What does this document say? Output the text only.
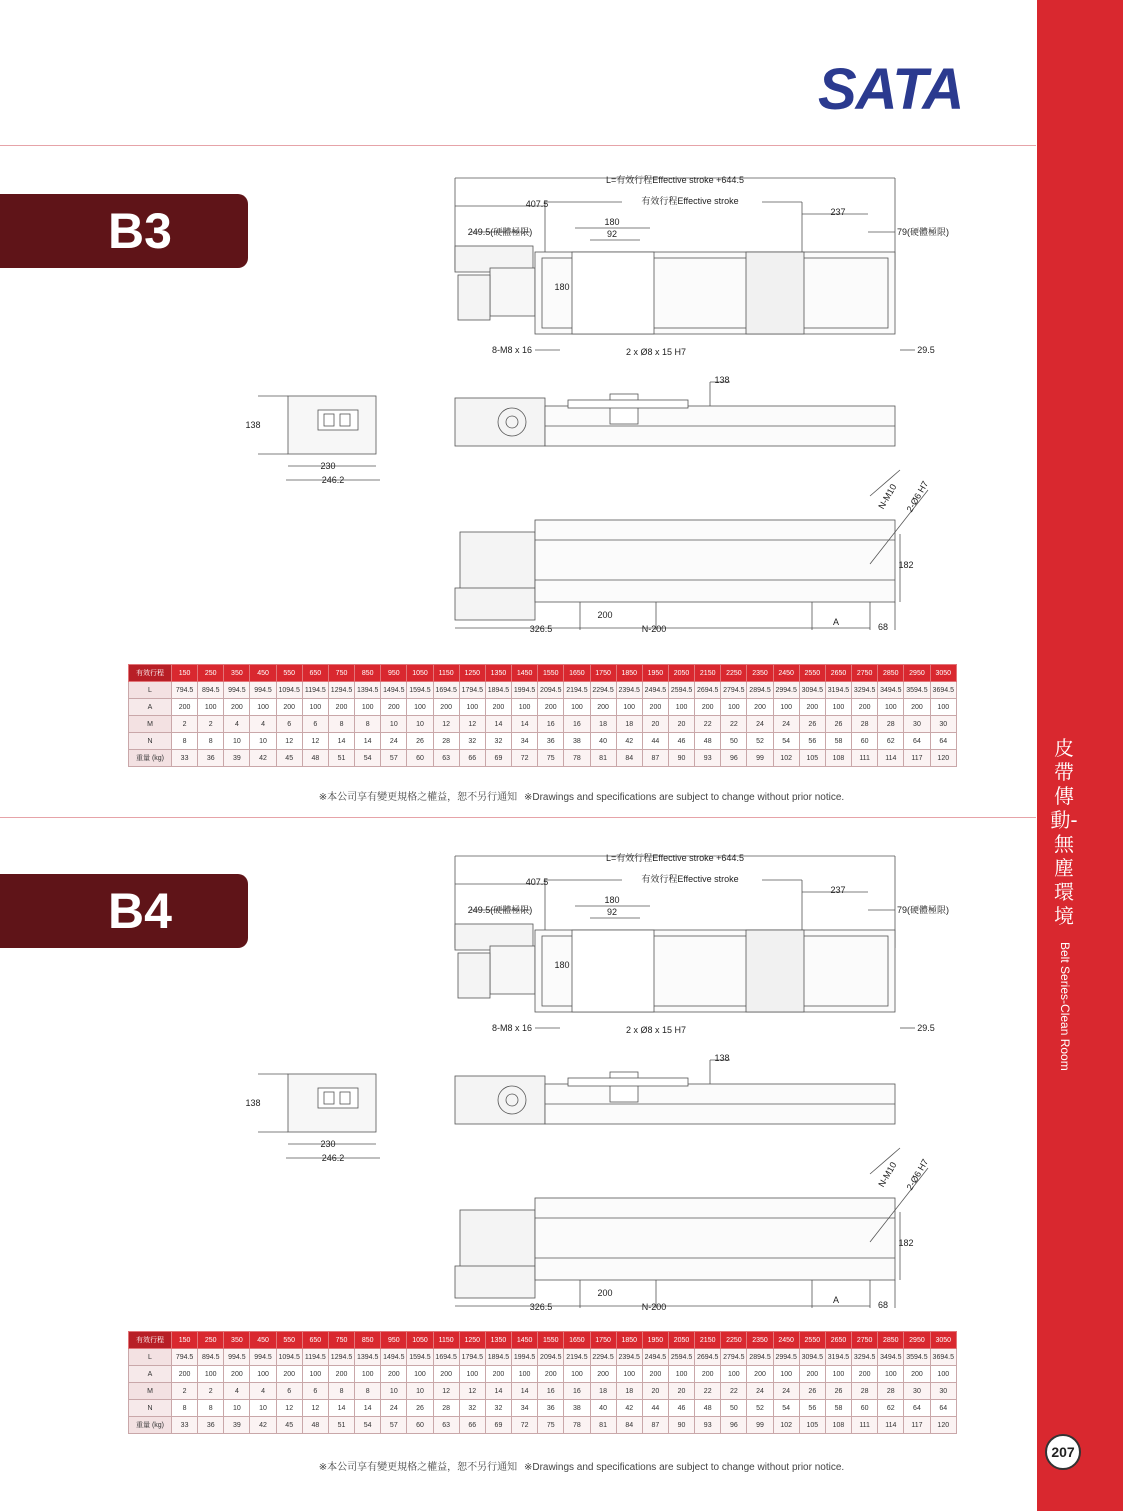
皮帶傳動-無塵環境
Belt Series-Clean Room
207
SATA
B3
B4
L=有效行程Effective stroke +644.5
407.5	有效行程Effective stroke
237
180
92
249.5(硬體極限)	79(硬體極限)
180
8-M8 x 16	2 x Ø8 x 15 H7	29.5
138
138
230
246.2
N-M10 2-Ø6 H7
182
200
326.5	N-200
A	68
L=有效行程Effective stroke +644.5
407.5	有效行程Effective stroke
237
180
92
249.5(硬體極限)	79(硬體極限)
180
8-M8 x 16	2 x Ø8 x 15 H7	29.5
138
138
230
246.2
N-M10 2-Ø6 H7
182
200
326.5	N-200
A	68
有效行程	150	250	350	450	550	650	750	850	950	1050	1150	1250	1350	1450	1550	1650	1750	1850	1950	2050	2150	2250	2350	2450	2550	2650	2750	2850	2950	3050
L	794.5	894.5	994.5	994.5	1094.5	1194.5	1294.5	1394.5	1494.5	1594.5	1694.5	1794.5	1894.5	1994.5	2094.5	2194.5	2294.5	2394.5	2494.5	2594.5	2694.5	2794.5	2894.5	2994.5	3094.5	3194.5	3294.5	3494.5	3594.5	3694.5
A	200	100	200	100	200	100	200	100	200	100	200	100	200	100	200	100	200	100	200	100	200	100	200	100	200	100	200	100	200	100
M	2	2	4	4	6	6	8	8	10	10	12	12	14	14	16	16	18	18	20	20	22	22	24	24	26	26	28	28	30	30
N	8	8	10	10	12	12	14	14	24	26	28	32	32	34	36	38	40	42	44	46	48	50	52	54	56	58	60	62	64	64
重量 (kg)	33	36	39	42	45	48	51	54	57	60	63	66	69	72	75	78	81	84	87	90	93	96	99	102	105	108	111	114	117	120
有效行程	150	250	350	450	550	650	750	850	950	1050	1150	1250	1350	1450	1550	1650	1750	1850	1950	2050	2150	2250	2350	2450	2550	2650	2750	2850	2950	3050
L	794.5	894.5	994.5	994.5	1094.5	1194.5	1294.5	1394.5	1494.5	1594.5	1694.5	1794.5	1894.5	1994.5	2094.5	2194.5	2294.5	2394.5	2494.5	2594.5	2694.5	2794.5	2894.5	2994.5	3094.5	3194.5	3294.5	3494.5	3594.5	3694.5
A	200	100	200	100	200	100	200	100	200	100	200	100	200	100	200	100	200	100	200	100	200	100	200	100	200	100	200	100	200	100
M	2	2	4	4	6	6	8	8	10	10	12	12	14	14	16	16	18	18	20	20	22	22	24	24	26	26	28	28	30	30
N	8	8	10	10	12	12	14	14	24	26	28	32	32	34	36	38	40	42	44	46	48	50	52	54	56	58	60	62	64	64
重量 (kg)	33	36	39	42	45	48	51	54	57	60	63	66	69	72	75	78	81	84	87	90	93	96	99	102	105	108	111	114	117	120
※本公司享有變更規格之權益，恕不另行通知 ※Drawings and specifications are subject to change without prior notice.
※本公司享有變更規格之權益，恕不另行通知 ※Drawings and specifications are subject to change without prior notice.
